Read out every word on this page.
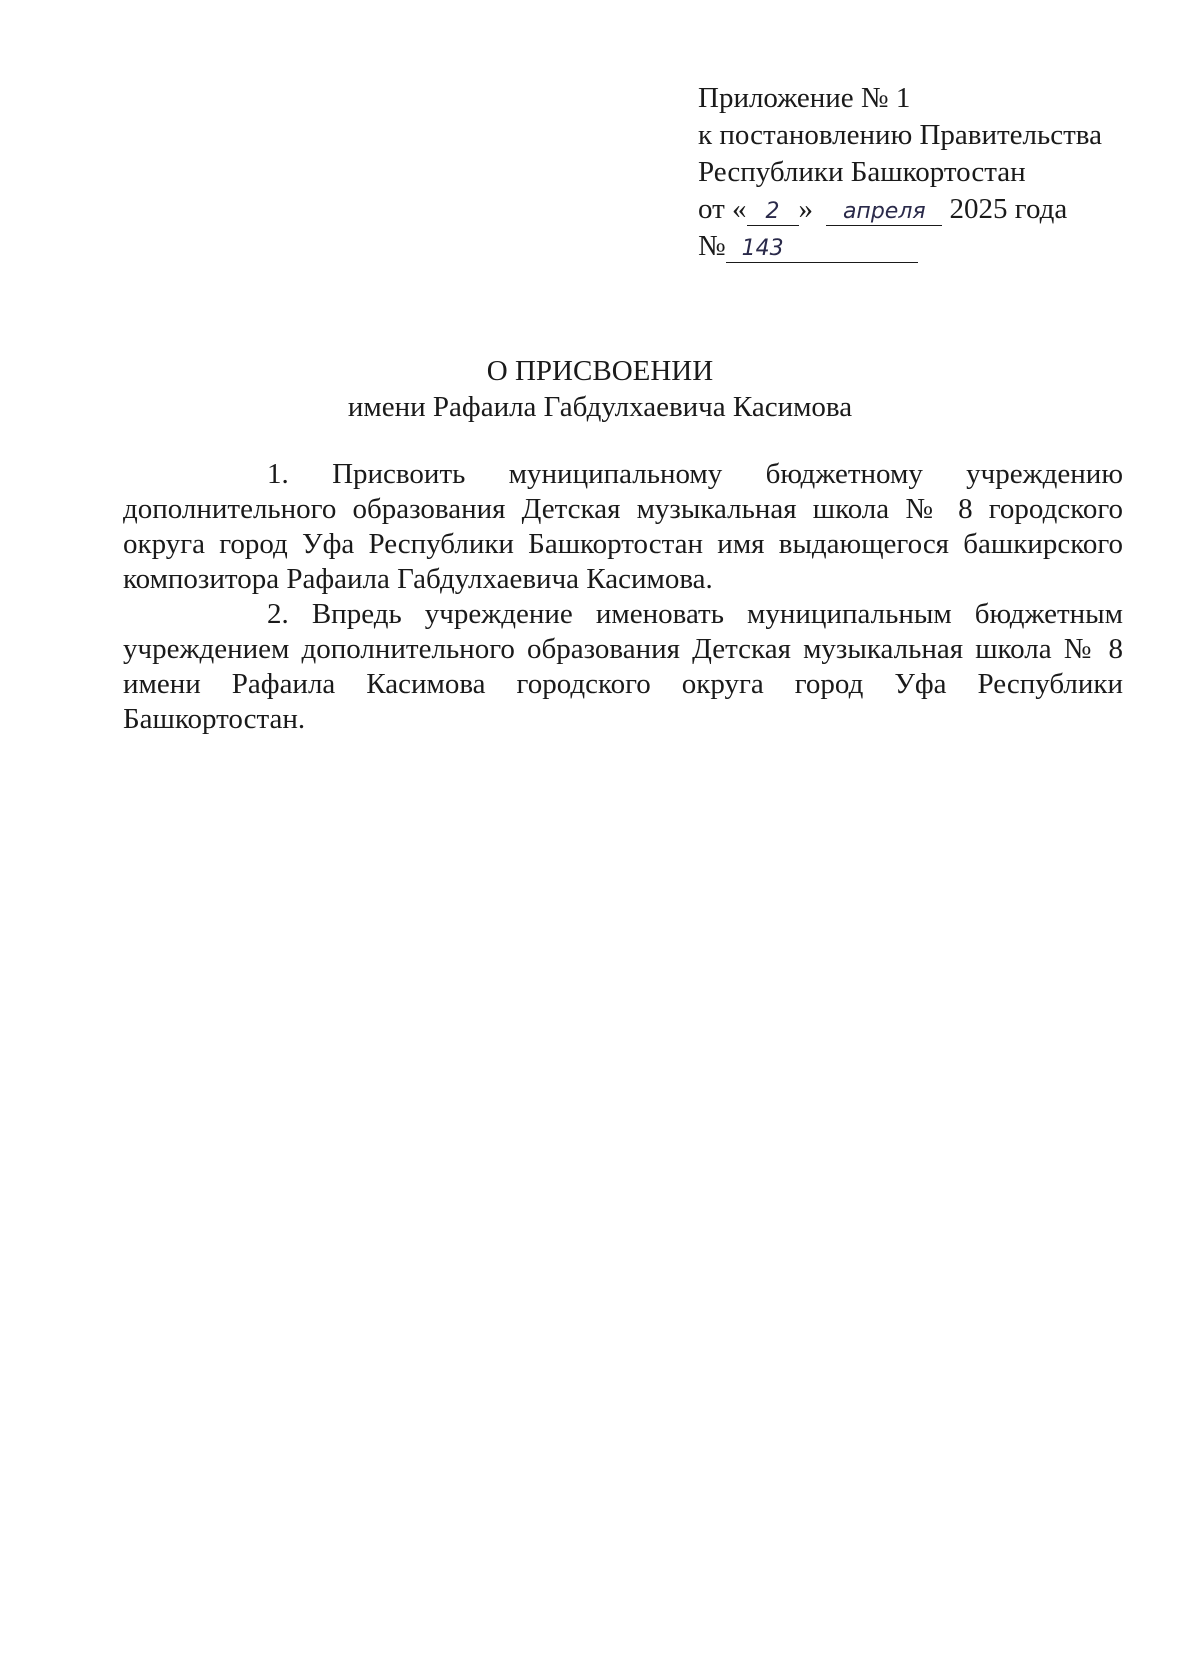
Приложение № 1
к постановлению Правительства
Республики Башкортостан
от « 2 » апреля 2025 года
№ 143
О ПРИСВОЕНИИ
имени Рафаила Габдулхаевича Касимова

1. Присвоить муниципальному бюджетному учреждению дополнительного образования Детская музыкальная школа № 8 городского округа город Уфа Республики Башкортостан имя выдающегося башкирского композитора Рафаила Габдулхаевича Касимова.

2. Впредь учреждение именовать муниципальным бюджетным учреждением дополнительного образования Детская музыкальная школа № 8 имени Рафаила Касимова городского округа город Уфа Республики Башкортостан.
